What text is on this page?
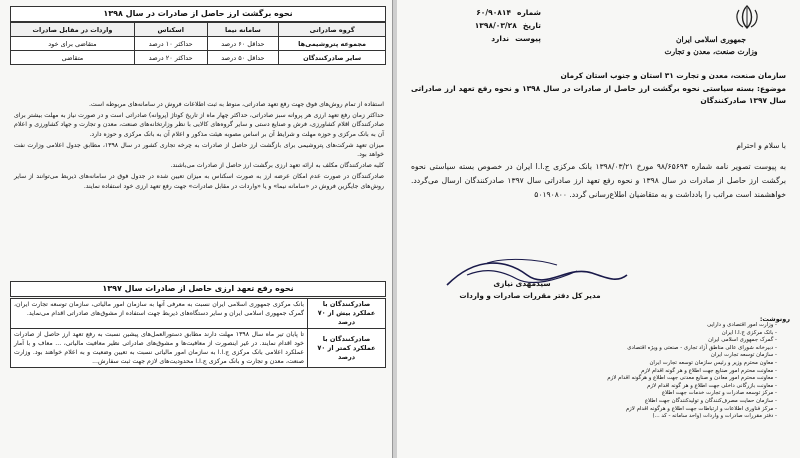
نحوه برگشت ارز حاصل از صادرات در سال ۱۳۹۸
گروه صادراتی	سامانه نیما	اسکناس	واردات در مقابل صادرات
مجموعه پتروشیمی‌ها	حداقل ۶۰ درصد	حداکثر ۱۰ درصد	متقاضی برای خود
سایر صادرکنندگان	حداقل ۵۰ درصد	حداکثر ۲۰ درصد	متقاضی

استفاده از تمام روش‌های فوق جهت رفع تعهد صادراتی، منوط به ثبت اطلاعات فروش در سامانه‌های مربوطه است.

حداکثر زمان رفع تعهد ارزی هر پروانه سبز صادراتی، حداکثر چهار ماه از تاریخ کوتاژ (پروانه) صادراتی است و در صورت نیاز به مهلت بیشتر برای صادرکنندگان اقلام کشاورزی، فرش و صنایع دستی و سایر گروه‌های کالایی با نظر وزارتخانه‌های صنعت، معدن و تجارت و جهاد کشاورزی و اعلام آن به بانک مرکزی و حوزه مهلت و شرایط آن بر اساس مصوبه هیئت مذکور و اعلام آن به بانک مرکزی و حوزه دارد.

میزان تعهد شرکت‌های پتروشیمی برای بازگشت ارز حاصل از صادرات به چرخه تجاری کشور در سال ۱۳۹۸، مطابق جدول اعلامی وزارت نفت خواهد بود.

کلیه صادرکنندگان مکلف به ارائه تعهد ارزی برگشت ارز حاصل از صادرات می‌باشند.

صادرکنندگان در صورت عدم امکان عرضه ارز به صورت اسکناس به میزان تعیین شده در جدول فوق در سامانه‌های ذیربط می‌توانند از سایر روش‌های جایگزین فروش در «سامانه نیما» و یا «واردات در مقابل صادرات» جهت رفع تعهد ارزی خود استفاده نمایند.

نحوه رفع تعهد ارزی حاصل از صادرات سال ۱۳۹۷
صادرکنندگان با عملکرد بیش از ۷۰ درصد	بانک مرکزی جمهوری اسلامی ایران نسبت به معرفی آنها به سازمان امور مالیاتی، سازمان توسعه تجارت ایران، گمرک جمهوری اسلامی ایران و سایر دستگاه‌های ذیربط جهت استفاده از مشوق‌های صادراتی اقدام می‌نماید.
صادرکنندگان با عملکرد کمتر از ۷۰ درصد	تا پایان تیر ماه سال ۱۳۹۸ مهلت دارند مطابق دستورالعمل‌های پیشین نسبت به رفع تعهد ارز حاصل از صادرات خود اقدام نمایند. در غیر اینصورت از معافیت‌ها و مشوق‌های صادراتی نظیر معافیت مالیاتی، ... معاف و با آمار عملکرد اعلامی بانک مرکزی ج.ا.ا به سازمان امور مالیاتی نسبت به تعیین وضعیت و به اعلام خواهند بود. وزارت صنعت، معدن و تجارت و بانک مرکزی ج.ا.ا محدودیت‌های لازم جهت ثبت سفارش...
شماره
۶۰/۹۰۸۱۴
تاریخ
۱۳۹۸/۰۳/۲۸
پیوست
ندارد	جمهوری اسلامی ایران
وزارت صنعت، معدن و تجارت
سازمان صنعت، معدن و تجارت ۳۱ استان و جنوب استان کرمان
موضوع: بسته سیاستی نحوه برگشت ارز حاصل از صادرات در سال ۱۳۹۸ و نحوه رفع تعهد ارز صادراتی سال ۱۳۹۷ صادرکنندگان
با سلام و احترام
به پیوست تصویر نامه شماره ۹۸/۶۵۶۹۴ مورخ ۱۳۹۸/۰۳/۲۱ بانک مرکزی ج.ا.ا ایران در خصوص بسته سیاستی نحوه برگشت ارز حاصل از صادرات در سال ۱۳۹۸ و نحوه رفع تعهد ارز صادراتی سال ۱۳۹۷ صادرکنندگان ارسال می‌گردد. خواهشمند است مراتب را بادداشت و به متقاضیان اطلاع‌رسانی گردد. ۵۰۱۹۰۸۰۰
سیدمهدی نیازی
مدیر کل دفتر مقررات صادرات و واردات
رونوشت:
- وزارت امور اقتصادی و دارایی
- بانک مرکزی ج.ا.ا ایران
- گمرک جمهوری اسلامی ایران
- دبیرخانه شورای عالی مناطق آزاد تجاری - صنعتی و ویژه اقتصادی
- سازمان توسعه تجارت ایران
- معاون محترم وزیر و رئیس سازمان توسعه تجارت ایران
- معاونت محترم امور صنایع جهت اطلاع و هر گونه اقدام لازم
- معاونت محترم امور معادن و صنایع معدنی جهت اطلاع و هرگونه اقدام لازم
- معاونت بازرگانی داخلی جهت اطلاع و هر گونه اقدام لازم
- مرکز توسعه صادرات و تجارت خدمات جهت اطلاع
- سازمان حمایت مصرف‌کنندگان و تولیدکنندگان جهت اطلاع
- مرکز فناوری اطلاعات و ارتباطات جهت اطلاع و هرگونه اقدام لازم
- دفتر مقررات صادرات و واردات (واحد سامانه - کد ...)
